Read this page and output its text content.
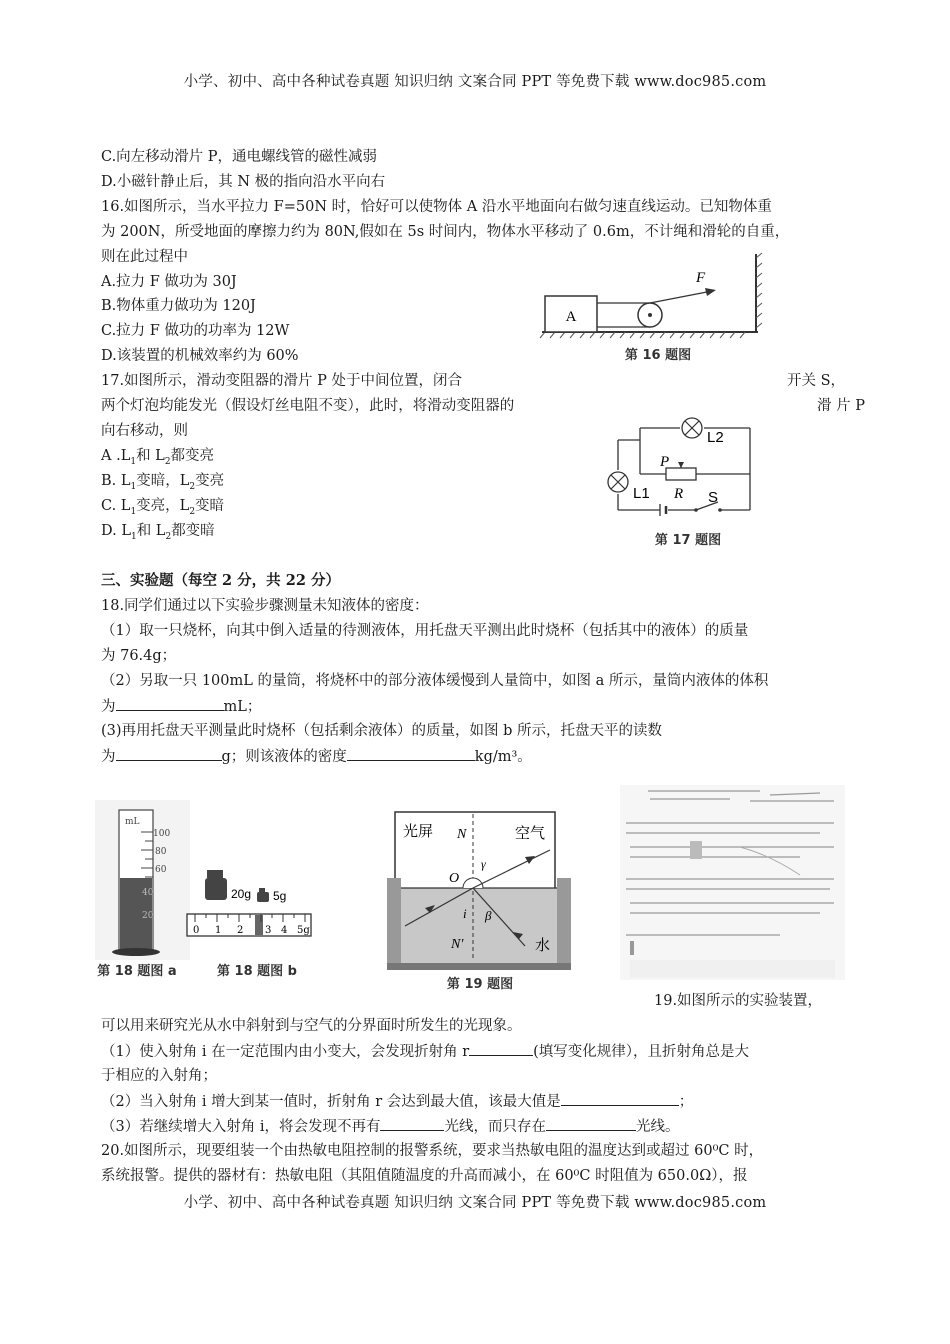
小学、初中、高中各种试卷真题 知识归纳 文案合同 PPT 等免费下载 www.doc985.com
C.向左移动滑片 P，通电螺线管的磁性减弱
D.小磁针静止后，其 N 极的指向沿水平向右
16.如图所示，当水平拉力 F=50N 时，恰好可以使物体 A 沿水平地面向右做匀速直线运动。已知物体重
为 200N，所受地面的摩擦力约为 80N,假如在 5s 时间内，物体水平移动了 0.6m，不计绳和滑轮的自重，
则在此过程中
A.拉力 F 做功为 30J
B.物体重力做功为 120J
C.拉力 F 做功的功率为 12W
D.该装置的机械效率约为 60%
A
F
第 16 题图
17.如图所示，滑动变阻器的滑片 P 处于中间位置，闭合	开关 S，
两个灯泡均能发光（假设灯丝电阻不变），此时，将滑动变阻器的	滑 片 P
向右移动，则
A $.L_1$和 $L_2$都变亮
B. $L_1$变暗，$L_2$变亮
C. $L_1$变亮，$L_2$变暗
D. $L_1$和 $L_2$都变暗
L2
L1
P
R S
第 17 题图
三、实验题（每空 2 分，共 22 分）
18.同学们通过以下实验步骤测量未知液体的密度：
（1）取一只烧杯，向其中倒入适量的待测液体，用托盘天平测出此时烧杯（包括其中的液体）的质量
为 76.4g；
（2）另取一只 100mL 的量筒，将烧杯中的部分液体缓慢到人量筒中，如图 a 所示，量筒内液体的体积
为	mL；
(3)再用托盘天平测量此时烧杯（包括剩余液体）的质量，如图 b 所示，托盘天平的读数
为	g；则该液体的密度	kg/m³。
mL
100
80
60
40
20
第 18 题图 a
20g 5g
0 1 2 3 4 5g
第 18 题图 b
光屏	空气
水
N
O
γ
i β
N′
第 19 题图
19.如图所示的实验装置，
可以用来研究光从水中斜射到与空气的分界面时所发生的光现象。
（1）使入射角 i 在一定范围内由小变大，会发现折射角 r	(填写变化规律），且折射角总是大
于相应的入射角；
（2）当入射角 i 增大到某一值时，折射角 r 会达到最大值，该最大值是	；
（3）若继续增大入射角 i，将会发现不再有	光线，而只存在	光线。
20.如图所示，现要组装一个由热敏电阻控制的报警系统，要求当热敏电阻的温度达到或超过 60⁰C 时，
系统报警。提供的器材有：热敏电阻（其阻值随温度的升高而减小，在 60⁰C 时阻值为 650.0Ω），报
小学、初中、高中各种试卷真题 知识归纳 文案合同 PPT 等免费下载 www.doc985.com
